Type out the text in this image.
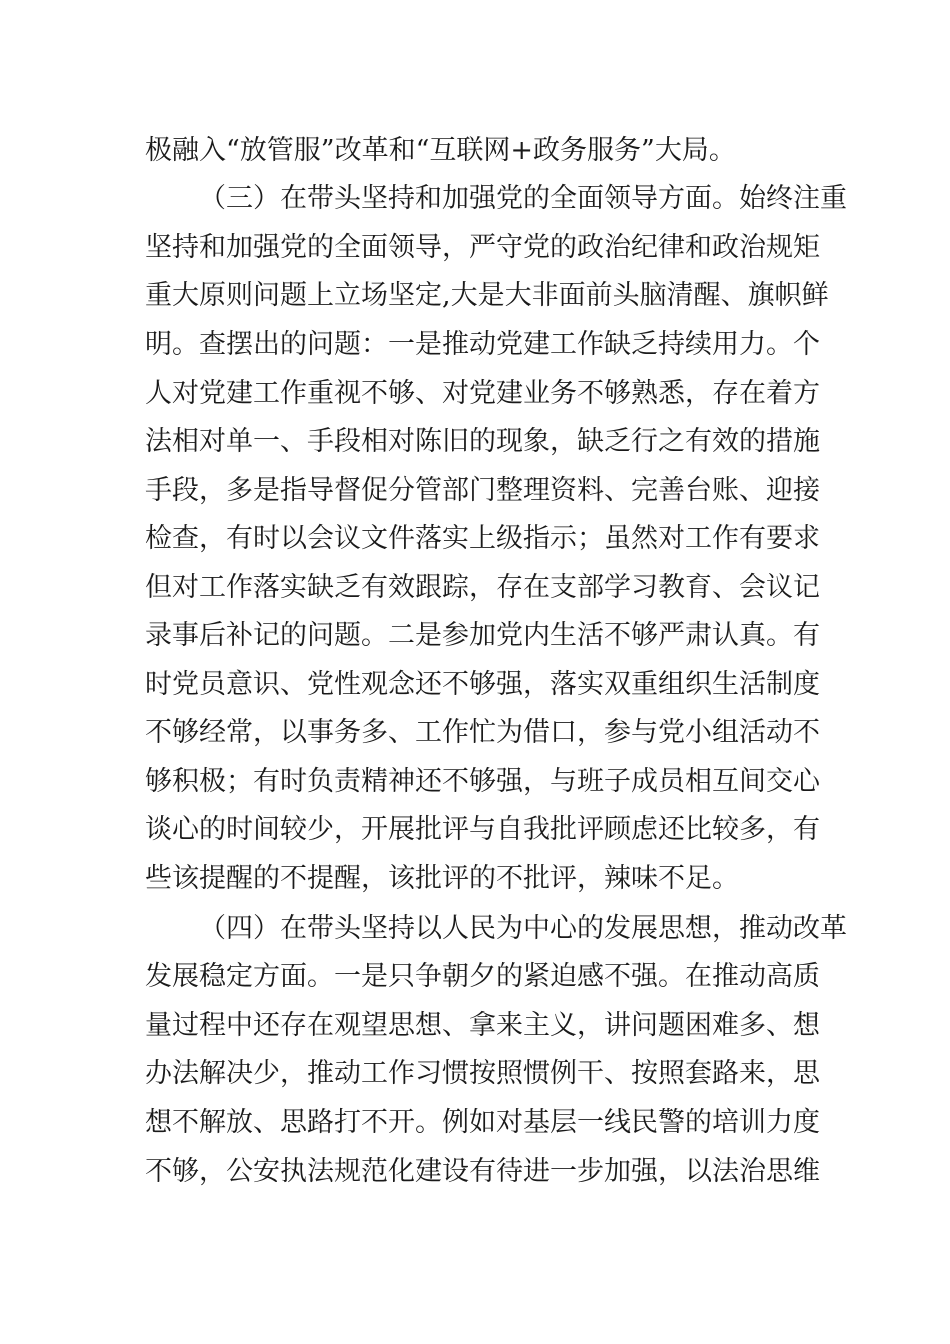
极融入“放管服”改革和“互联网+政务服务”大局。
（三）在带头坚持和加强党的全面领导方面。始终注重
坚持和加强党的全面领导，严守党的政治纪律和政治规矩
重大原则问题上立场坚定,大是大非面前头脑清醒、旗帜鲜
明。查摆出的问题：一是推动党建工作缺乏持续用力。个
人对党建工作重视不够、对党建业务不够熟悉，存在着方
法相对单一、手段相对陈旧的现象，缺乏行之有效的措施
手段，多是指导督促分管部门整理资料、完善台账、迎接
检查，有时以会议文件落实上级指示；虽然对工作有要求
但对工作落实缺乏有效跟踪，存在支部学习教育、会议记
录事后补记的问题。二是参加党内生活不够严肃认真。有
时党员意识、党性观念还不够强，落实双重组织生活制度
不够经常，以事务多、工作忙为借口，参与党小组活动不
够积极；有时负责精神还不够强，与班子成员相互间交心
谈心的时间较少，开展批评与自我批评顾虑还比较多，有
些该提醒的不提醒，该批评的不批评，辣味不足。
（四）在带头坚持以人民为中心的发展思想，推动改革
发展稳定方面。一是只争朝夕的紧迫感不强。在推动高质
量过程中还存在观望思想、拿来主义，讲问题困难多、想
办法解决少，推动工作习惯按照惯例干、按照套路来，思
想不解放、思路打不开。例如对基层一线民警的培训力度
不够，公安执法规范化建设有待进一步加强，以法治思维
